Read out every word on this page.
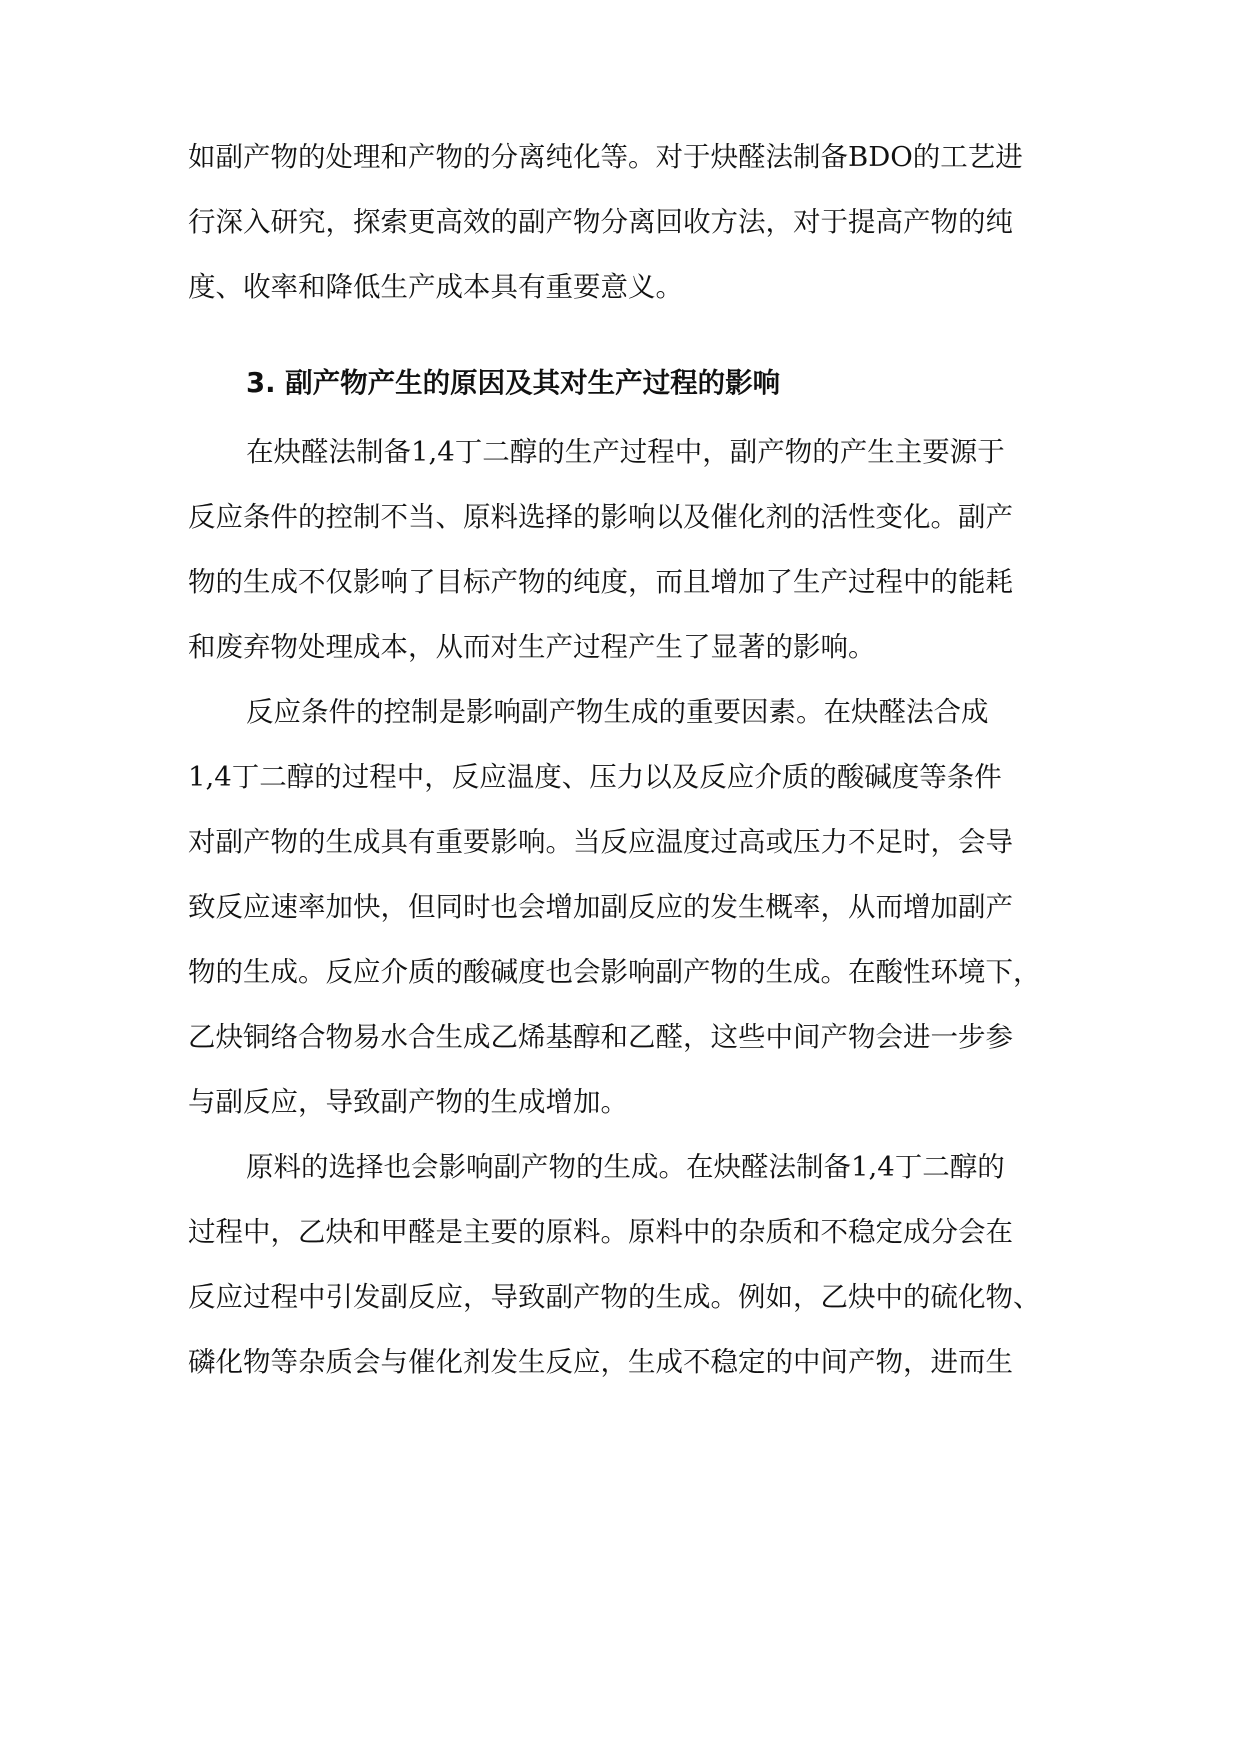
如副产物的处理和产物的分离纯化等。对于炔醛法制备BDO的工艺进
行深入研究，探索更高效的副产物分离回收方法，对于提高产物的纯
度、收率和降低生产成本具有重要意义。
3. 副产物产生的原因及其对生产过程的影响
在炔醛法制备1,4丁二醇的生产过程中，副产物的产生主要源于
反应条件的控制不当、原料选择的影响以及催化剂的活性变化。副产
物的生成不仅影响了目标产物的纯度，而且增加了生产过程中的能耗
和废弃物处理成本，从而对生产过程产生了显著的影响。
反应条件的控制是影响副产物生成的重要因素。在炔醛法合成
1,4丁二醇的过程中，反应温度、压力以及反应介质的酸碱度等条件
对副产物的生成具有重要影响。当反应温度过高或压力不足时，会导
致反应速率加快，但同时也会增加副反应的发生概率，从而增加副产
物的生成。反应介质的酸碱度也会影响副产物的生成。在酸性环境下，
乙炔铜络合物易水合生成乙烯基醇和乙醛，这些中间产物会进一步参
与副反应，导致副产物的生成增加。
原料的选择也会影响副产物的生成。在炔醛法制备1,4丁二醇的
过程中，乙炔和甲醛是主要的原料。原料中的杂质和不稳定成分会在
反应过程中引发副反应，导致副产物的生成。例如，乙炔中的硫化物、
磷化物等杂质会与催化剂发生反应，生成不稳定的中间产物，进而生
